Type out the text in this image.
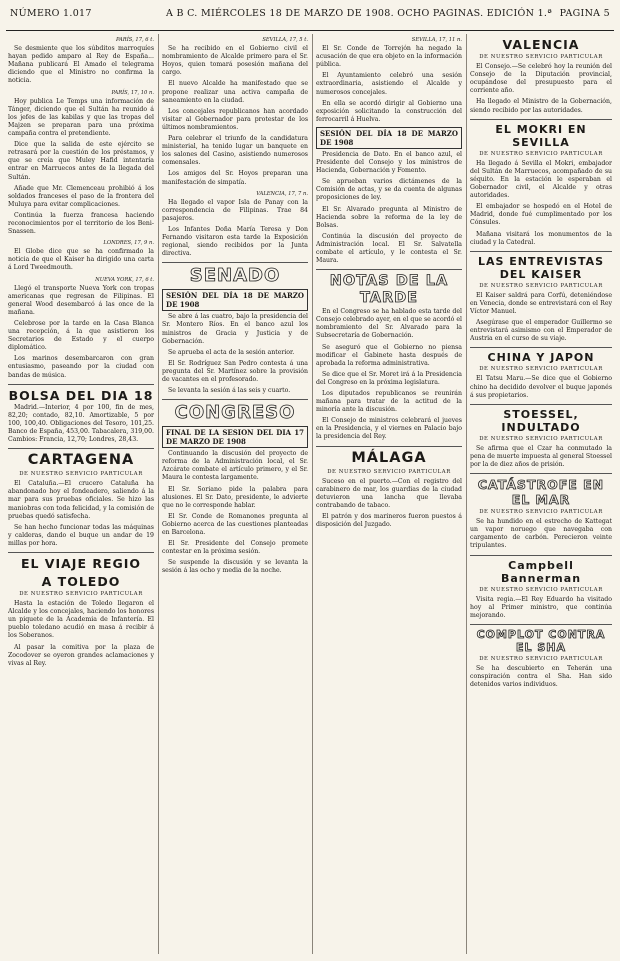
NÚMERO 1.017	A B C. MIÉRCOLES 18 DE MARZO DE 1908. OCHO PAGINAS. EDICIÓN 1.ª PAGINA 5
PARÍS, 17, 6 t.

Se desmiente que los súbditos marroquíes hayan pedido amparo al Rey de España... Mañana publicará El Amado el telegrama diciendo que el Ministro no confirma la noticia.

PARÍS, 17, 10 n.

Hoy publica Le Temps una información de Tánger, diciendo que el Sultán ha reunido á los jefes de las kabilas y que las tropas del Majzen se preparan para una próxima campaña contra el pretendiente.

Dice que la salida de este ejército se retrasará por la cuestión de los préstamos, y que se creía que Muley Hafid intentaría entrar en Marruecos antes de la llegada del Sultán.

Añade que Mr. Clemenceau prohibió á los soldados franceses el paso de la frontera del Muluya para evitar complicaciones.

Continúa la fuerza francesa haciendo reconocimientos por el territorio de los Beni-Snassen.

LONDRES, 17, 9 n.

El Globe dice que se ha confirmado la noticia de que el Kaiser ha dirigido una carta á Lord Tweedmouth.

NUEVA YORK, 17, 6 t.

Llegó el transporte Nueva York con tropas americanas que regresan de Filipinas. El general Wood desembarcó á las once de la mañana.

Celebrose por la tarde en la Casa Blanca una recepción, á la que asistieron los Secretarios de Estado y el cuerpo diplomático.

Los marinos desembarcaron con gran entusiasmo, paseando por la ciudad con bandas de música.

BOLSA DEL DIA 18

Madrid.—Interior, 4 por 100, fin de mes, 82,20; contado, 82,10. Amortizable, 5 por 100, 100,40. Obligaciones del Tesoro, 101,25. Banco de España, 453,00. Tabacalera, 319,00. Cambios: Francia, 12,70; Londres, 28,43.

CARTAGENA
DE NUESTRO SERVICIO PARTICULAR

El Cataluña.—El crucero Cataluña ha abandonado hoy el fondeadero, saliendo á la mar para sus pruebas oficiales. Se hizo las maniobras con toda felicidad, y la comisión de pruebas quedó satisfecha.

Se han hecho funcionar todas las máquinas y calderas, dando el buque un andar de 19 millas por hora.

EL VIAJE REGIO
A TOLEDO
DE NUESTRO SERVICIO PARTICULAR

Hasta la estación de Toledo llegaron el Alcalde y los concejales, haciendo los honores un piquete de la Academia de Infantería. El pueblo toledano acudió en masa á recibir á los Soberanos.

Al pasar la comitiva por la plaza de Zocodover se oyeron grandes aclamaciones y vivas al Rey.

SEVILLA, 17, 5 t.

Se ha recibido en el Gobierno civil el nombramiento de Alcalde primero para el Sr. Hoyos, quien tomará posesión mañana del cargo.

El nuevo Alcalde ha manifestado que se propone realizar una activa campaña de saneamiento en la ciudad.

Los concejales republicanos han acordado visitar al Gobernador para protestar de los últimos nombramientos.

Para celebrar el triunfo de la candidatura ministerial, ha tenido lugar un banquete en los salones del Casino, asistiendo numerosos comensales.

Los amigos del Sr. Hoyos preparan una manifestación de simpatía.

VALENCIA, 17, 7 n.

Ha llegado el vapor Isla de Panay con la correspondencia de Filipinas. Trae 84 pasajeros.

Los Infantes Doña María Teresa y Don Fernando visitaron esta tarde la Exposición regional, siendo recibidos por la Junta directiva.

SENADO
SESIÓN DEL DÍA 18 DE MARZO DE 1908

Se abre á las cuatro, bajo la presidencia del Sr. Montero Ríos. En el banco azul los ministros de Gracia y Justicia y de Gobernación.

Se aprueba el acta de la sesión anterior.

El Sr. Rodríguez San Pedro contesta á una pregunta del Sr. Martínez sobre la provisión de vacantes en el profesorado.

Se levanta la sesión á las seis y cuarto.

CONGRESO
FINAL DE LA SESION DEL DIA 17 DE MARZO DE 1908

Continuando la discusión del proyecto de reforma de la Administración local, el Sr. Azcárate combate el artículo primero, y el Sr. Maura le contesta largamente.

El Sr. Soriano pide la palabra para alusiones. El Sr. Dato, presidente, le advierte que no le corresponde hablar.

El Sr. Conde de Romanones pregunta al Gobierno acerca de las cuestiones planteadas en Barcelona.

El Sr. Presidente del Consejo promete contestar en la próxima sesión.

Se suspende la discusión y se levanta la sesión á las ocho y media de la noche.

SEVILLA, 17, 11 n.

El Sr. Conde de Torrejón ha negado la acusación de que era objeto en la información pública.

El Ayuntamiento celebró una sesión extraordinaria, asistiendo el Alcalde y numerosos concejales.

En ella se acordó dirigir al Gobierno una exposición solicitando la construcción del ferrocarril á Huelva.

SESIÓN DEL DÍA 18 DE MARZO DE 1908

Presidencia de Dato. En el banco azul, el Presidente del Consejo y los ministros de Hacienda, Gobernación y Fomento.

Se aprueban varios dictámenes de la Comisión de actas, y se da cuenta de algunas proposiciones de ley.

El Sr. Alvarado pregunta al Ministro de Hacienda sobre la reforma de la ley de Bolsas.

Continúa la discusión del proyecto de Administración local. El Sr. Salvatella combate el artículo, y le contesta el Sr. Maura.

NOTAS DE LA TARDE

En el Congreso se ha hablado esta tarde del Consejo celebrado ayer, en el que se acordó el nombramiento del Sr. Alvarado para la Subsecretaría de Gobernación.

Se aseguró que el Gobierno no piensa modificar el Gabinete hasta después de aprobada la reforma administrativa.

Se dice que el Sr. Moret irá á la Presidencia del Congreso en la próxima legislatura.

Los diputados republicanos se reunirán mañana para tratar de la actitud de la minoría ante la discusión.

El Consejo de ministros celebrará el jueves en la Presidencia, y el viernes en Palacio bajo la presidencia del Rey.

MÁLAGA
DE NUESTRO SERVICIO PARTICULAR

Suceso en el puerto.—Con el registro del carabinero de mar, los guardias de la ciudad detuvieron una lancha que llevaba contrabando de tabaco.

El patrón y dos marineros fueron puestos á disposición del Juzgado.

VALENCIA
DE NUESTRO SERVICIO PARTICULAR

El Consejo.—Se celebró hoy la reunión del Consejo de la Diputación provincial, ocupándose del presupuesto para el corriente año.

Ha llegado el Ministro de la Gobernación, siendo recibido por las autoridades.

EL MOKRI EN SEVILLA
DE NUESTRO SERVICIO PARTICULAR

Ha llegado á Sevilla el Mokri, embajador del Sultán de Marruecos, acompañado de su séquito. En la estación le esperaban el Gobernador civil, el Alcalde y otras autoridades.

El embajador se hospedó en el Hotel de Madrid, donde fué cumplimentado por los Cónsules.

Mañana visitará los monumentos de la ciudad y la Catedral.

LAS ENTREVISTAS DEL KAISER
DE NUESTRO SERVICIO PARTICULAR

El Kaiser saldrá para Corfú, deteniéndose en Venecia, donde se entrevistará con el Rey Víctor Manuel.

Asegúrase que el emperador Guillermo se entrevistará asimismo con el Emperador de Austria en el curso de su viaje.

CHINA Y JAPON
DE NUESTRO SERVICIO PARTICULAR

El Tatsu Maru.—Se dice que el Gobierno chino ha decidido devolver el buque japonés á sus propietarios.

STOESSEL, INDULTADO
DE NUESTRO SERVICIO PARTICULAR

Se afirma que el Czar ha conmutado la pena de muerte impuesta al general Stoessel por la de diez años de prisión.

CATÁSTROFE EN EL MAR
DE NUESTRO SERVICIO PARTICULAR

Se ha hundido en el estrecho de Kattegat un vapor noruego que navegaba con cargamento de carbón. Perecieron veinte tripulantes.

Campbell Bannerman
DE NUESTRO SERVICIO PARTICULAR

Visita regia.—El Rey Eduardo ha visitado hoy al Primer ministro, que continúa mejorando.

COMPLOT CONTRA EL SHA
DE NUESTRO SERVICIO PARTICULAR

Se ha descubierto en Teherán una conspiración contra el Sha. Han sido detenidos varios individuos.
